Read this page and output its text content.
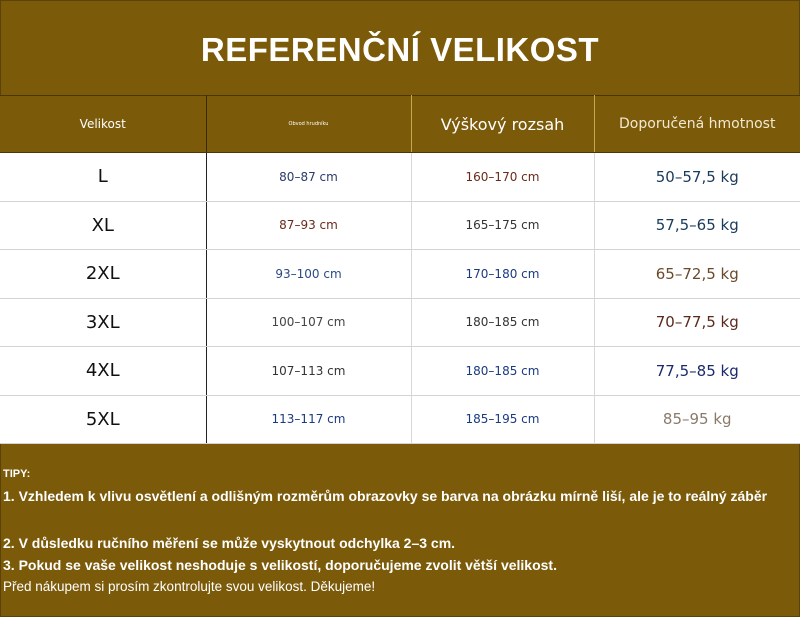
REFERENČNÍ VELIKOST
Velikost	Obvod hrudníku	Výškový rozsah	Doporučená hmotnost
L	80–87 cm	160–170 cm	50–57,5 kg
XL	87–93 cm	165–175 cm	57,5–65 kg
2XL	93–100 cm	170–180 cm	65–72,5 kg
3XL	100–107 cm	180–185 cm	70–77,5 kg
4XL	107–113 cm	180–185 cm	77,5–85 kg
5XL	113–117 cm	185–195 cm	85–95 kg
TIPY:
1. Vzhledem k vlivu osvětlení a odlišným rozměrům obrazovky se barva na obrázku mírně liší, ale je to reálný záběr
2. V důsledku ručního měření se může vyskytnout odchylka 2–3 cm.
3. Pokud se vaše velikost neshoduje s velikostí, doporučujeme zvolit větší velikost.
Před nákupem si prosím zkontrolujte svou velikost. Děkujeme!
